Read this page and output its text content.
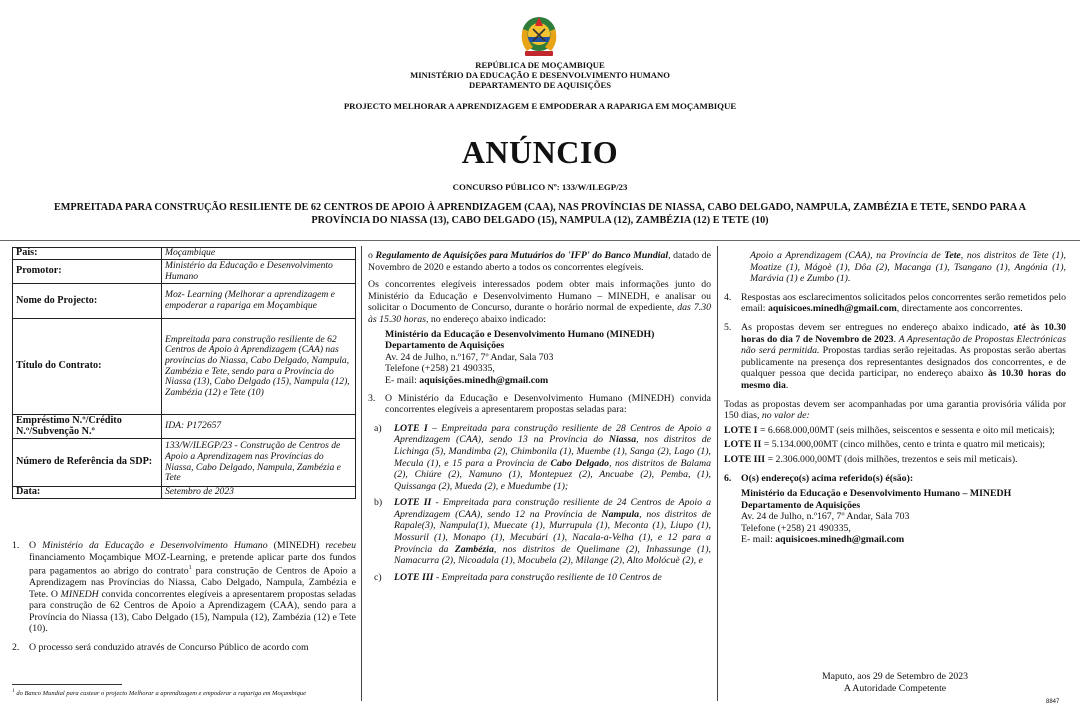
REPÚBLICA DE MOÇAMBIQUE
MINISTÉRIO DA EDUCAÇÃO E DESENVOLVIMENTO HUMANO
DEPARTAMENTO DE AQUISIÇÕES
PROJECTO MELHORAR A APRENDIZAGEM E EMPODERAR A RAPARIGA EM MOÇAMBIQUE
ANÚNCIO
CONCURSO PÚBLICO Nº: 133/W/ILEGP/23
EMPREITADA PARA CONSTRUÇÃO RESILIENTE DE 62 CENTROS DE APOIO À APRENDIZAGEM (CAA), NAS PROVÍNCIAS DE NIASSA, CABO DELGADO, NAMPULA, ZAMBÉZIA E TETE, SENDO PARA A PROVÍNCIA DO NIASSA (13), CABO DELGADO (15), NAMPULA (12), ZAMBÉZIA (12) E TETE (10)
País:	Moçambique
Promotor:	Ministério da Educação e Desenvolvimento Humano
Nome do Projecto:	Moz- Learning (Melhorar a aprendizagem e empoderar a rapariga em Moçambique
Título do Contrato:	Empreitada para construção resiliente de 62 Centros de Apoio à Aprendizagem (CAA) nas províncias do Niassa, Cabo Delgado, Nampula, Zambézia e Tete, sendo para a Província do Niassa (13), Cabo Delgado (15), Nampula (12), Zambézia (12) e Tete (10)
Empréstimo N.º/Crédito N.º/Subvenção N.º	IDA: P172657
Número de Referência da SDP:	133/W/ILEGP/23 - Construção de Centros de Apoio a Aprendizagem nas Províncias do Niassa, Cabo Delgado, Nampula, Zambézia e Tete
Data:	Setembro de 2023
1. O Ministério da Educação e Desenvolvimento Humano (MINEDH) recebeu financiamento Moçambique MOZ-Learning, e pretende aplicar parte dos fundos para pagamentos ao abrigo do contrato$^1$ para construção de Centros de Apoio a Aprendizagem nas Províncias do Niassa, Cabo Delgado, Nampula, Zambézia e Tete. O MINEDH convida concorrentes elegíveis a apresentarem propostas seladas para construção de 62 Centros de Apoio a Aprendizagem (CAA), sendo para a Província do Niassa (13), Cabo Delgado (15), Nampula (12), Zambézia (12) e Tete (10).
2. O processo será conduzido através de Concurso Público de acordo com
$^1$ do Banco Mundial para custear o projecto Melhorar a aprendizagem e empoderar a rapariga em Moçambique
o Regulamento de Aquisições para Mutuários do 'IFP' do Banco Mundial, datado de Novembro de 2020 e estando aberto a todos os concorrentes elegíveis.
Os concorrentes elegíveis interessados podem obter mais informações junto do Ministério da Educação e Desenvolvimento Humano – MINEDH, e analisar ou solicitar o Documento de Concurso, durante o horário normal de expediente, das 7.30 às 15.30 horas, no endereço abaixo indicado:
Ministério da Educação e Desenvolvimento Humano (MINEDH)
Departamento de Aquisições
Av. 24 de Julho, n.º167, 7º Andar, Sala 703
Telefone (+258) 21 490335,
E- mail: aquisições.minedh@gmail.com
3. O Ministério da Educação e Desenvolvimento Humano (MINEDH) convida concorrentes elegíveis a apresentarem propostas seladas para:
a) LOTE I – Empreitada para construção resiliente de 28 Centros de Apoio a Aprendizagem (CAA), sendo 13 na Província do Niassa, nos distritos de Lichinga (5), Mandimba (2), Chimbonila (1), Muembe (1), Sanga (2), Lago (1), Mecula (1), e 15 para a Província de Cabo Delgado, nos distritos de Balama (2), Chiúre (2), Namuno (1), Montepuez (2), Ancuabe (2), Pemba, (1), Quissanga (2), Mueda (2), e Muedumbe (1);
b) LOTE II - Empreitada para construção resiliente de 24 Centros de Apoio a Aprendizagem (CAA), sendo 12 na Província de Nampula, nos distritos de Rapale(3), Nampula(1), Muecate (1), Murrupula (1), Meconta (1), Liupo (1), Mossuril (1), Monapo (1), Mecubúri (1), Nacala-a-Velha (1), e 12 para a Província da Zambézia, nos distritos de Quelimane (2), Inhassunge (1), Namacurra (2), Nicoadala (1), Mocubela (2), Milange (2), Alto Molócuè (2), e
c) LOTE III - Empreitada para construção resiliente de 10 Centros de
Apoio a Aprendizagem (CAA), na Província de Tete, nos distritos de Tete (1), Moatize (1), Mágoè (1), Dôa (2), Macanga (1), Tsangano (1), Angónia (1), Marávia (1) e Zumbo (1).
4. Respostas aos esclarecimentos solicitados pelos concorrentes serão remetidos pelo email: aquisicoes.minedh@gmail.com, directamente aos concorrentes.
5. As propostas devem ser entregues no endereço abaixo indicado, até às 10.30 horas do dia 7 de Novembro de 2023. A Apresentação de Propostas Electrónicas não será permitida. Propostas tardias serão rejeitadas. As propostas serão abertas publicamente na presença dos representantes designados dos concorrentes, e de qualquer pessoa que decida participar, no endereço abaixo às 10.30 horas do mesmo dia.
Todas as propostas devem ser acompanhadas por uma garantia provisória válida por 150 dias, no valor de:
LOTE I = 6.668.000,00MT (seis milhões, seiscentos e sessenta e oito mil meticais);
LOTE II = 5.134.000,00MT (cinco milhões, cento e trinta e quatro mil meticais);
LOTE III = 2.306.000,00MT (dois milhões, trezentos e seis mil meticais).
6. O(s) endereço(s) acima referido(s) é(são):
Ministério da Educação e Desenvolvimento Humano – MINEDH
Departamento de Aquisições
Av. 24 de Julho, n.º167, 7º Andar, Sala 703
Telefone (+258) 21 490335,
E- mail: aquisicoes.minedh@gmail.com
Maputo, aos 29 de Setembro de 2023
A Autoridade Competente
8847
